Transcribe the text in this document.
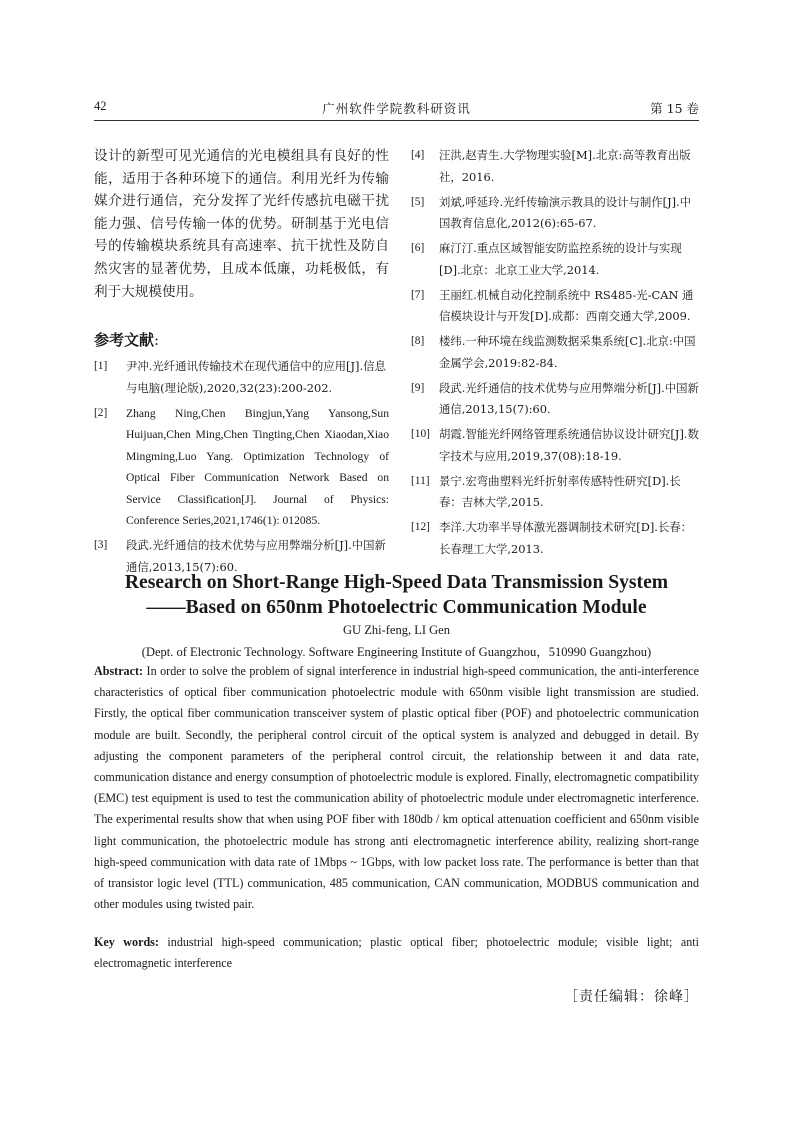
42	广州软件学院教科研资讯	第 15 卷

设计的新型可见光通信的光电模组具有良好的性能，适用于各种环境下的通信。利用光纤为传输媒介进行通信，充分发挥了光纤传感抗电磁干扰能力强、信号传输一体的优势。研制基于光电信号的传输模块系统具有高速率、抗干扰性及防自然灾害的显著优势，且成本低廉，功耗极低，有利于大规模使用。

参考文献:
[1] 尹冲.光纤通讯传输技术在现代通信中的应用[J].信息与电脑(理论版),2020,32(23):200-202.
[2] Zhang Ning,Chen Bingjun,Yang Yansong,Sun Huijuan,Chen Ming,Chen Tingting,Chen Xiaodan,Xiao Mingming,Luo Yang. Optimization Technology of Optical Fiber Communication Network Based on Service Classification[J]. Journal of Physics: Conference Series,2021,1746(1): 012085.
[3] 段武.光纤通信的技术优势与应用弊端分析[J].中国新通信,2013,15(7):60.
[4] 汪洪,赵青生.大学物理实验[M].北京:高等教育出版社，2016.
[5] 刘斌,呼延玲.光纤传输演示教具的设计与制作[J].中国教育信息化,2012(6):65-67.
[6] 麻汀汀.重点区域智能安防监控系统的设计与实现[D].北京：北京工业大学,2014.
[7] 王丽红.机械自动化控制系统中 RS485-光-CAN 通信模块设计与开发[D].成都：西南交通大学,2009.
[8] 楼纬.一种环境在线监测数据采集系统[C].北京:中国金属学会,2019:82-84.
[9] 段武.光纤通信的技术优势与应用弊端分析[J].中国新通信,2013,15(7):60.
[10] 胡霞.智能光纤网络管理系统通信协议设计研究[J].数字技术与应用,2019,37(08):18-19.
[11] 景宁.宏弯曲塑料光纤折射率传感特性研究[D].长春：吉林大学,2015.
[12] 李洋.大功率半导体激光器调制技术研究[D].长春：长春理工大学,2013.
Research on Short-Range High-Speed Data Transmission System
——Based on 650nm Photoelectric Communication Module
GU Zhi-feng, LI Gen
(Dept. of Electronic Technology. Software Engineering Institute of Guangzhou，510990 Guangzhou)

Abstract: In order to solve the problem of signal interference in industrial high-speed communication, the anti-interference characteristics of optical fiber communication photoelectric module with 650nm visible light transmission are studied. Firstly, the optical fiber communication transceiver system of plastic optical fiber (POF) and photoelectric communication module are built. Secondly, the peripheral control circuit of the optical system is analyzed and debugged in detail. By adjusting the component parameters of the peripheral control circuit, the relationship between it and data rate, communication distance and energy consumption of photoelectric module is explored. Finally, electromagnetic compatibility (EMC) test equipment is used to test the communication ability of photoelectric module under electromagnetic interference. The experimental results show that when using POF fiber with 180db / km optical attenuation coefficient and 650nm visible light communication, the photoelectric module has strong anti electromagnetic interference ability, realizing short-range high-speed communication with data rate of 1Mbps ~ 1Gbps, with low packet loss rate. The performance is better than that of transistor logic level (TTL) communication, 485 communication, CAN communication, MODBUS communication and other modules using twisted pair.

Key words: industrial high-speed communication; plastic optical fiber; photoelectric module; visible light; anti electromagnetic interference

［责任编辑：徐峰］
